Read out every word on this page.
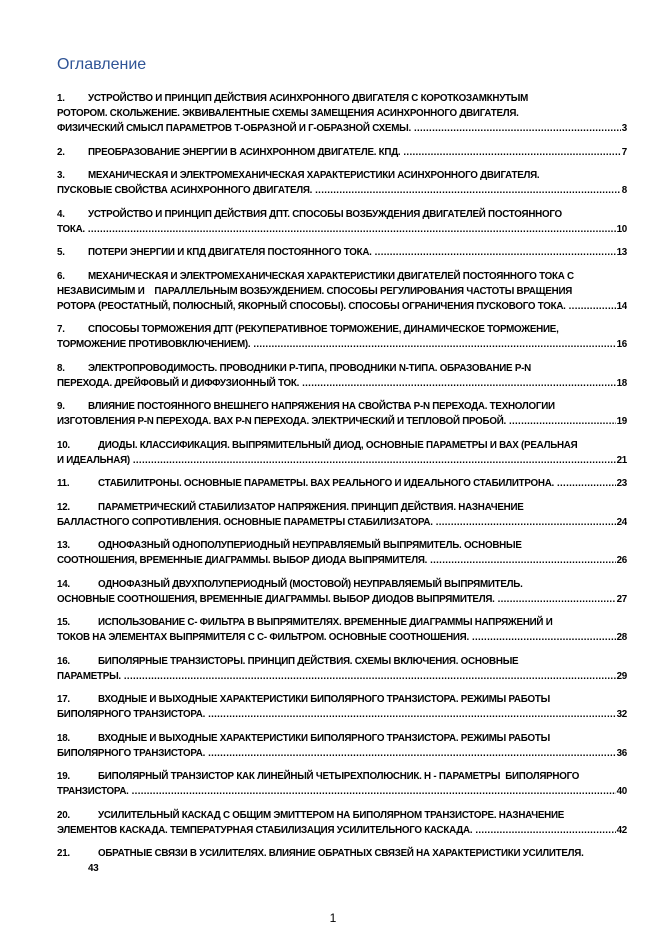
Оглавление
1.	УСТРОЙСТВО И ПРИНЦИП ДЕЙСТВИЯ АСИНХРОННОГО ДВИГАТЕЛЯ С КОРОТКОЗАМКНУТЫМ
РОТОРОМ. СКОЛЬЖЕНИЕ. ЭКВИВАЛЕНТНЫЕ СХЕМЫ ЗАМЕЩЕНИЯ АСИНХРОННОГО ДВИГАТЕЛЯ.
ФИЗИЧЕСКИЙ СМЫСЛ ПАРАМЕТРОВ Т-ОБРАЗНОЙ И Г-ОБРАЗНОЙ СХЕМЫ. .....	3
2.	ПРЕОБРАЗОВАНИЕ ЭНЕРГИИ В АСИНХРОННОМ ДВИГАТЕЛЕ. КПД. .....	7
3.	МЕХАНИЧЕСКАЯ И ЭЛЕКТРОМЕХАНИЧЕСКАЯ ХАРАКТЕРИСТИКИ АСИНХРОННОГО ДВИГАТЕЛЯ.
ПУСКОВЫЕ СВОЙСТВА АСИНХРОННОГО ДВИГАТЕЛЯ. .....	8
4.	УСТРОЙСТВО И ПРИНЦИП ДЕЙСТВИЯ ДПТ. СПОСОБЫ ВОЗБУЖДЕНИЯ ДВИГАТЕЛЕЙ ПОСТОЯННОГО
ТОКА. .....	10
5.	ПОТЕРИ ЭНЕРГИИ И КПД ДВИГАТЕЛЯ ПОСТОЯННОГО ТОКА. .....	13
6.	МЕХАНИЧЕСКАЯ И ЭЛЕКТРОМЕХАНИЧЕСКАЯ ХАРАКТЕРИСТИКИ ДВИГАТЕЛЕЙ ПОСТОЯННОГО ТОКА С
НЕЗАВИСИМЫМ И    ПАРАЛЛЕЛЬНЫМ ВОЗБУЖДЕНИЕМ. СПОСОБЫ РЕГУЛИРОВАНИЯ ЧАСТОТЫ ВРАЩЕНИЯ
РОТОРА (РЕОСТАТНЫЙ, ПОЛЮСНЫЙ, ЯКОРНЫЙ СПОСОБЫ). СПОСОБЫ ОГРАНИЧЕНИЯ ПУСКОВОГО ТОКА. .....	14
7.	СПОСОБЫ ТОРМОЖЕНИЯ ДПТ (РЕКУПЕРАТИВНОЕ ТОРМОЖЕНИЕ, ДИНАМИЧЕСКОЕ ТОРМОЖЕНИЕ,
ТОРМОЖЕНИЕ ПРОТИВОВКЛЮЧЕНИЕМ). .....	16
8.	ЭЛЕКТРОПРОВОДИМОСТЬ. ПРОВОДНИКИ P-ТИПА, ПРОВОДНИКИ N-ТИПА. ОБРАЗОВАНИЕ P-N
ПЕРЕХОДА. ДРЕЙФОВЫЙ И ДИФФУЗИОННЫЙ ТОК. .....	18
9.	ВЛИЯНИЕ ПОСТОЯННОГО ВНЕШНЕГО НАПРЯЖЕНИЯ НА СВОЙСТВА P-N ПЕРЕХОДА. ТЕХНОЛОГИИ
ИЗГОТОВЛЕНИЯ P-N ПЕРЕХОДА. ВАХ P-N ПЕРЕХОДА. ЭЛЕКТРИЧЕСКИЙ И ТЕПЛОВОЙ ПРОБОЙ. .....	19
10.	ДИОДЫ. КЛАССИФИКАЦИЯ. ВЫПРЯМИТЕЛЬНЫЙ ДИОД, ОСНОВНЫЕ ПАРАМЕТРЫ И ВАХ (РЕАЛЬНАЯ
И ИДЕАЛЬНАЯ) .....	21
11.	СТАБИЛИТРОНЫ. ОСНОВНЫЕ ПАРАМЕТРЫ. ВАХ РЕАЛЬНОГО И ИДЕАЛЬНОГО СТАБИЛИТРОНА. .....	23
12.	ПАРАМЕТРИЧЕСКИЙ СТАБИЛИЗАТОР НАПРЯЖЕНИЯ. ПРИНЦИП ДЕЙСТВИЯ. НАЗНАЧЕНИЕ
БАЛЛАСТНОГО СОПРОТИВЛЕНИЯ. ОСНОВНЫЕ ПАРАМЕТРЫ СТАБИЛИЗАТОРА. .....	24
13.	ОДНОФАЗНЫЙ ОДНОПОЛУПЕРИОДНЫЙ НЕУПРАВЛЯЕМЫЙ ВЫПРЯМИТЕЛЬ. ОСНОВНЫЕ
СООТНОШЕНИЯ, ВРЕМЕННЫЕ ДИАГРАММЫ. ВЫБОР ДИОДА ВЫПРЯМИТЕЛЯ. .....	26
14.	ОДНОФАЗНЫЙ ДВУХПОЛУПЕРИОДНЫЙ (МОСТОВОЙ) НЕУПРАВЛЯЕМЫЙ ВЫПРЯМИТЕЛЬ.
ОСНОВНЫЕ СООТНОШЕНИЯ, ВРЕМЕННЫЕ ДИАГРАММЫ. ВЫБОР ДИОДОВ ВЫПРЯМИТЕЛЯ. .....	27
15.	ИСПОЛЬЗОВАНИЕ С- ФИЛЬТРА В ВЫПРЯМИТЕЛЯХ. ВРЕМЕННЫЕ ДИАГРАММЫ НАПРЯЖЕНИЙ И
ТОКОВ НА ЭЛЕМЕНТАХ ВЫПРЯМИТЕЛЯ С С- ФИЛЬТРОМ. ОСНОВНЫЕ СООТНОШЕНИЯ. .....	28
16.	БИПОЛЯРНЫЕ ТРАНЗИСТОРЫ. ПРИНЦИП ДЕЙСТВИЯ. СХЕМЫ ВКЛЮЧЕНИЯ. ОСНОВНЫЕ
ПАРАМЕТРЫ. .....	29
17.	ВХОДНЫЕ И ВЫХОДНЫЕ ХАРАКТЕРИСТИКИ БИПОЛЯРНОГО ТРАНЗИСТОРА. РЕЖИМЫ РАБОТЫ
БИПОЛЯРНОГО ТРАНЗИСТОРА. .....	32
18.	ВХОДНЫЕ И ВЫХОДНЫЕ ХАРАКТЕРИСТИКИ БИПОЛЯРНОГО ТРАНЗИСТОРА. РЕЖИМЫ РАБОТЫ
БИПОЛЯРНОГО ТРАНЗИСТОРА. .....	36
19.	БИПОЛЯРНЫЙ ТРАНЗИСТОР КАК ЛИНЕЙНЫЙ ЧЕТЫРЕХПОЛЮСНИК. H - ПАРАМЕТРЫ  БИПОЛЯРНОГО
ТРАНЗИСТОРА. .....	40
20.	УСИЛИТЕЛЬНЫЙ КАСКАД С ОБЩИМ ЭМИТТЕРОМ НА БИПОЛЯРНОМ ТРАНЗИСТОРЕ. НАЗНАЧЕНИЕ
ЭЛЕМЕНТОВ КАСКАДА. ТЕМПЕРАТУРНАЯ СТАБИЛИЗАЦИЯ УСИЛИТЕЛЬНОГО КАСКАДА. .....	42
21.	ОБРАТНЫЕ СВЯЗИ В УСИЛИТЕЛЯХ. ВЛИЯНИЕ ОБРАТНЫХ СВЯЗЕЙ НА ХАРАКТЕРИСТИКИ УСИЛИТЕЛЯ.
43
1
